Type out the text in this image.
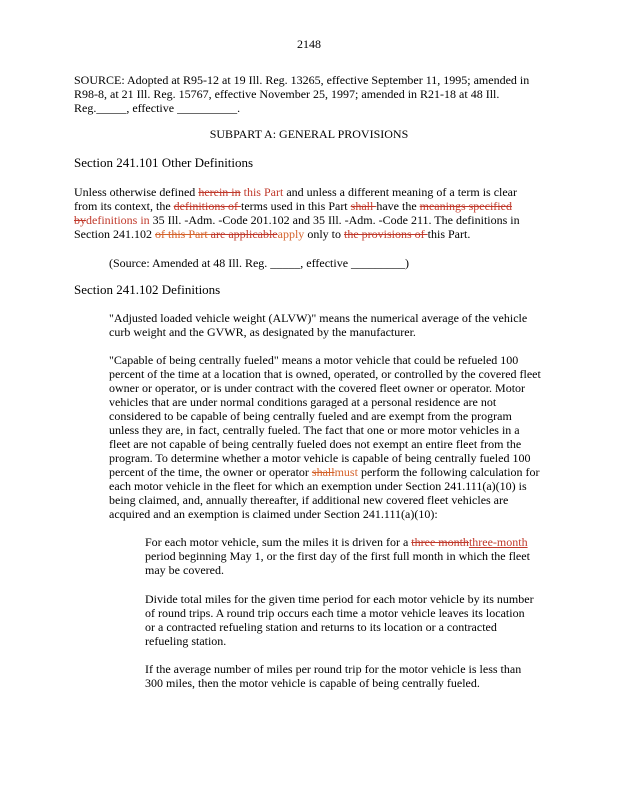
2148
SOURCE: Adopted at R95-12 at 19 Ill. Reg. 13265, effective September 11, 1995; amended in
R98-8, at 21 Ill. Reg. 15767, effective November 25, 1997; amended in R21-18 at 48 Ill.
Reg._____, effective __________.
SUBPART A: GENERAL PROVISIONS
Section 241.101 Other Definitions
Unless otherwise defined herein in this Part and unless a different meaning of a term is clear
from its context, the definitions of terms used in this Part shall have the meanings specified
bydefinitions in 35 Ill. -Adm. -Code 201.102 and 35 Ill. -Adm. -Code 211. The definitions in
Section 241.102 of this Part are applicableapply only to the provisions of this Part.
(Source: Amended at 48 Ill. Reg. _____, effective _________)
Section 241.102 Definitions
"Adjusted loaded vehicle weight (ALVW)" means the numerical average of the vehicle
curb weight and the GVWR, as designated by the manufacturer.
"Capable of being centrally fueled" means a motor vehicle that could be refueled 100
percent of the time at a location that is owned, operated, or controlled by the covered fleet
owner or operator, or is under contract with the covered fleet owner or operator. Motor
vehicles that are under normal conditions garaged at a personal residence are not
considered to be capable of being centrally fueled and are exempt from the program
unless they are, in fact, centrally fueled. The fact that one or more motor vehicles in a
fleet are not capable of being centrally fueled does not exempt an entire fleet from the
program. To determine whether a motor vehicle is capable of being centrally fueled 100
percent of the time, the owner or operator shallmust perform the following calculation for
each motor vehicle in the fleet for which an exemption under Section 241.111(a)(10) is
being claimed, and, annually thereafter, if additional new covered fleet vehicles are
acquired and an exemption is claimed under Section 241.111(a)(10):
For each motor vehicle, sum the miles it is driven for a three monththree-month
period beginning May 1, or the first day of the first full month in which the fleet
may be covered.
Divide total miles for the given time period for each motor vehicle by its number
of round trips. A round trip occurs each time a motor vehicle leaves its location
or a contracted refueling station and returns to its location or a contracted
refueling station.
If the average number of miles per round trip for the motor vehicle is less than
300 miles, then the motor vehicle is capable of being centrally fueled.
